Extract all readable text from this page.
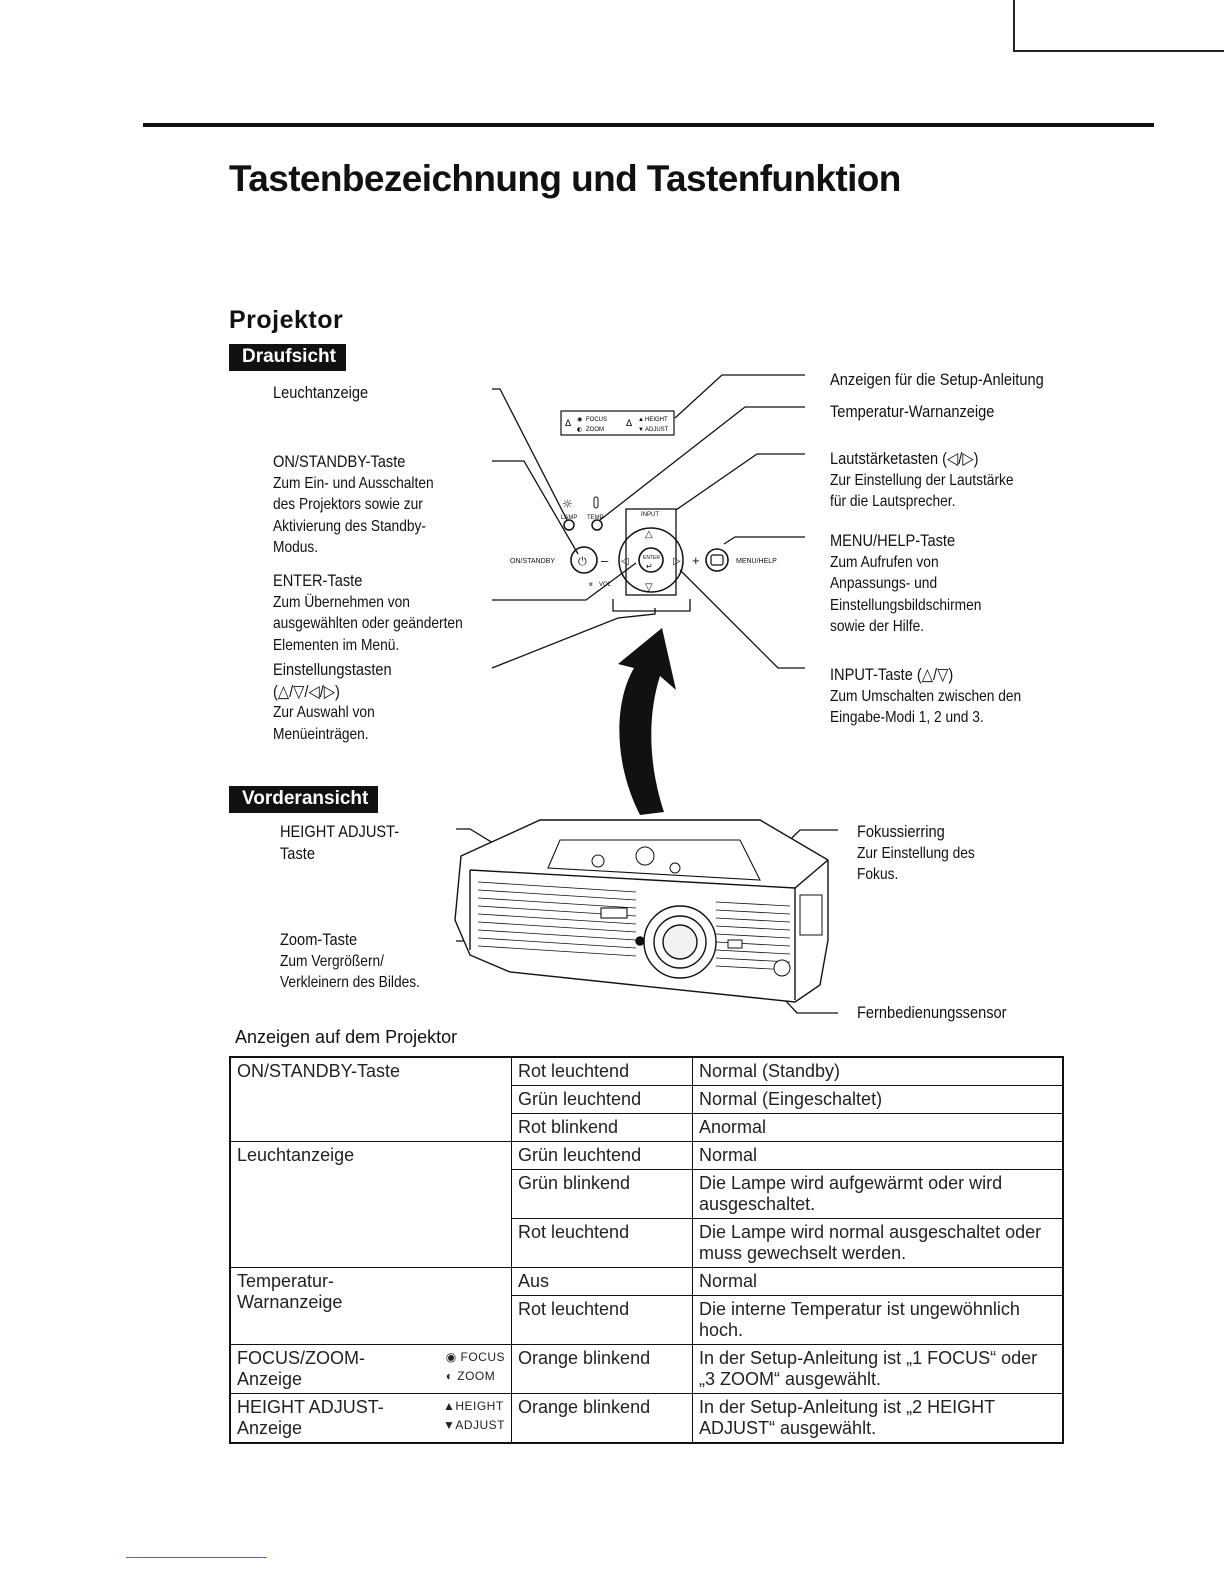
Tastenbezeichnung und Tastenfunktion
Projektor
Draufsicht
Vorderansicht
Δ ◉
◐
FOCUS
ZOOM
Δ ▲ HEIGHT
▼ ADJUST
☼
LAMP TEMP
ON/STANDBY ⏻ –
INPUT
△
▽
◁	▷
ENTER
↵
⩸ VOL
+	MENU/HELP
Leuchtanzeige
ON/STANDBY-Taste
Zum Ein- und Ausschalten
des Projektors sowie zur
Aktivierung des Standby-
Modus.
ENTER-Taste
Zum Übernehmen von
ausgewählten oder geänderten
Elementen im Menü.
Einstellungstasten
(△/▽/◁/▷)
Zur Auswahl von
Menüeinträgen.
Anzeigen für die Setup-Anleitung
Temperatur-Warnanzeige
Lautstärketasten (◁/▷)
Zur Einstellung der Lautstärke
für die Lautsprecher.
MENU/HELP-Taste
Zum Aufrufen von
Anpassungs- und
Einstellungsbildschirmen
sowie der Hilfe.
INPUT-Taste (△/▽)
Zum Umschalten zwischen den
Eingabe-Modi 1, 2 und 3.
HEIGHT ADJUST-
Taste
Zoom-Taste
Zum Vergrößern/
Verkleinern des Bildes.
Fokussierring
Zur Einstellung des
Fokus.
Fernbedienungssensor
Anzeigen auf dem Projektor
ON/STANDBY-Taste	Rot leuchtend	Normal (Standby)
	Grün leuchtend	Normal (Eingeschaltet)
	Rot blinkend	Anormal
Leuchtanzeige	Grün leuchtend	Normal
	Grün blinkend	Die Lampe wird aufgewärmt oder wird ausgeschaltet.
	Rot leuchtend	Die Lampe wird normal ausgeschaltet oder muss gewechselt werden.
Temperatur-Warnanzeige	Aus	Normal
	Rot leuchtend	Die interne Temperatur ist ungewöhnlich hoch.

◉ FOCUS
◐ ZOOM
FOCUS/ZOOM-Anzeige	Orange blinkend	In der Setup-Anleitung ist „1 FOCUS“ oder „3 ZOOM“ ausgewählt.

▲HEIGHT
▼ADJUST
HEIGHT ADJUST-Anzeige	Orange blinkend	In der Setup-Anleitung ist „2 HEIGHT ADJUST“ ausgewählt.
